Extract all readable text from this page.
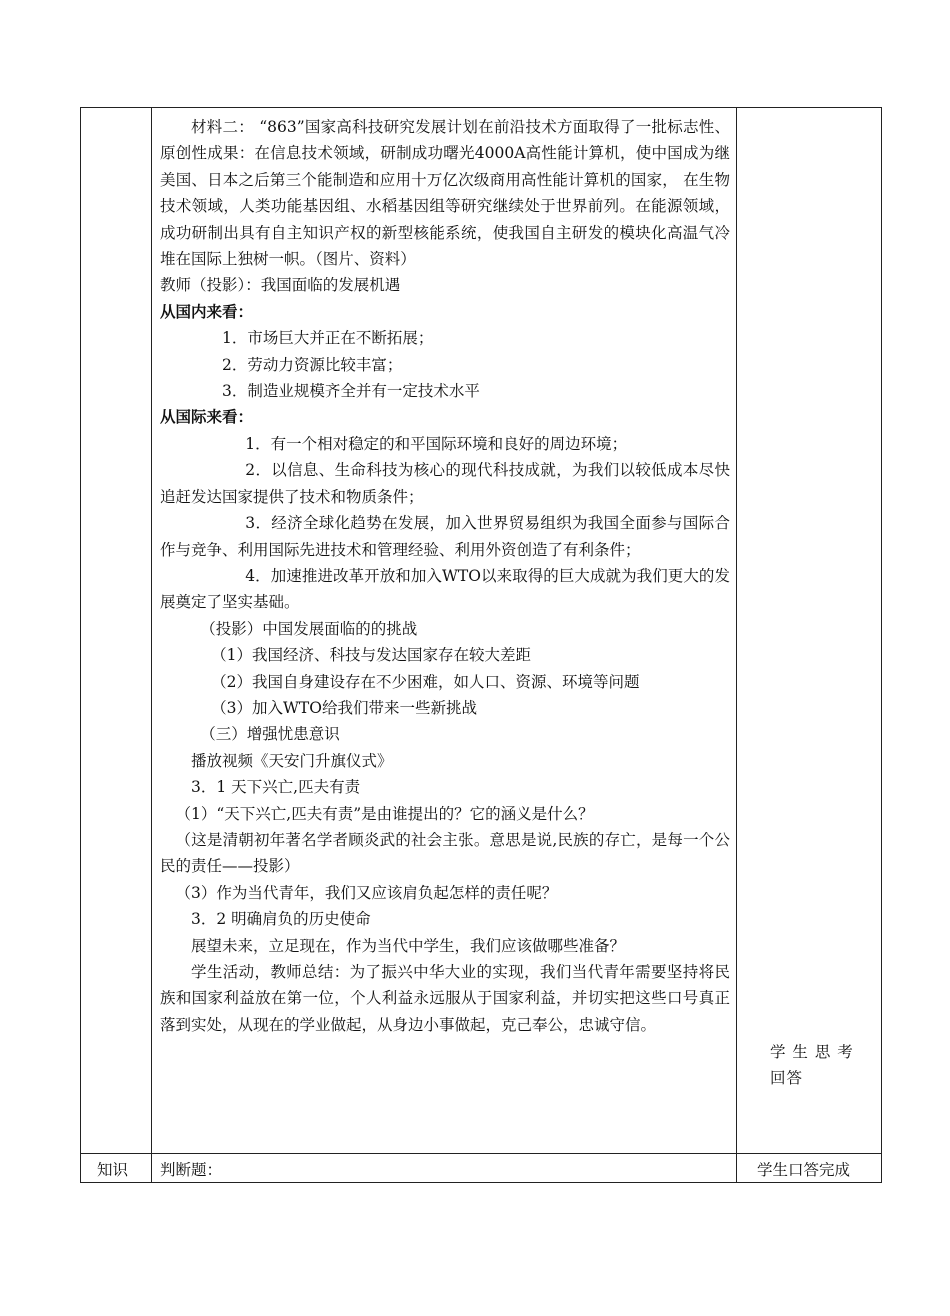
材料二： “863”国家高科技研究发展计划在前沿技术方面取得了一批标志性、原创性成果：在信息技术领域，研制成功曙光4000A高性能计算机，使中国成为继美国、日本之后第三个能制造和应用十万亿次级商用高性能计算机的国家， 在生物技术领域，人类功能基因组、水稻基因组等研究继续处于世界前列。在能源领域，成功研制出具有自主知识产权的新型核能系统，使我国自主研发的模块化高温气冷堆在国际上独树一帜。（图片、资料）

教师（投影）：我国面临的发展机遇

从国内来看：

1．市场巨大并正在不断拓展；

2．劳动力资源比较丰富；

3．制造业规模齐全并有一定技术水平

从国际来看：

1．有一个相对稳定的和平国际环境和良好的周边环境；

2．以信息、生命科技为核心的现代科技成就，为我们以较低成本尽快追赶发达国家提供了技术和物质条件；

3．经济全球化趋势在发展，加入世界贸易组织为我国全面参与国际合作与竞争、利用国际先进技术和管理经验、利用外资创造了有利条件；

4．加速推进改革开放和加入WTO以来取得的巨大成就为我们更大的发展奠定了坚实基础。

（投影）中国发展面临的的挑战

（1）我国经济、科技与发达国家存在较大差距

（2）我国自身建设存在不少困难，如人口、资源、环境等问题

（3）加入WTO给我们带来一些新挑战

（三）增强忧患意识

播放视频《天安门升旗仪式》

3．1 天下兴亡,匹夫有责

（1）“天下兴亡,匹夫有责”是由谁提出的？它的涵义是什么？

（这是清朝初年著名学者顾炎武的社会主张。意思是说,民族的存亡，是每一个公民的责任——投影）

（3）作为当代青年，我们又应该肩负起怎样的责任呢？

3．2 明确肩负的历史使命

展望未来，立足现在，作为当代中学生，我们应该做哪些准备？

学生活动，教师总结：为了振兴中华大业的实现，我们当代青年需要坚持将民族和国家利益放在第一位，个人利益永远服从于国家利益，并切实把这些口号真正落到实处，从现在的学业做起，从身边小事做起，克己奉公，忠诚守信。

学 生 思 考 回答
知识 判断题：	学生口答完成
